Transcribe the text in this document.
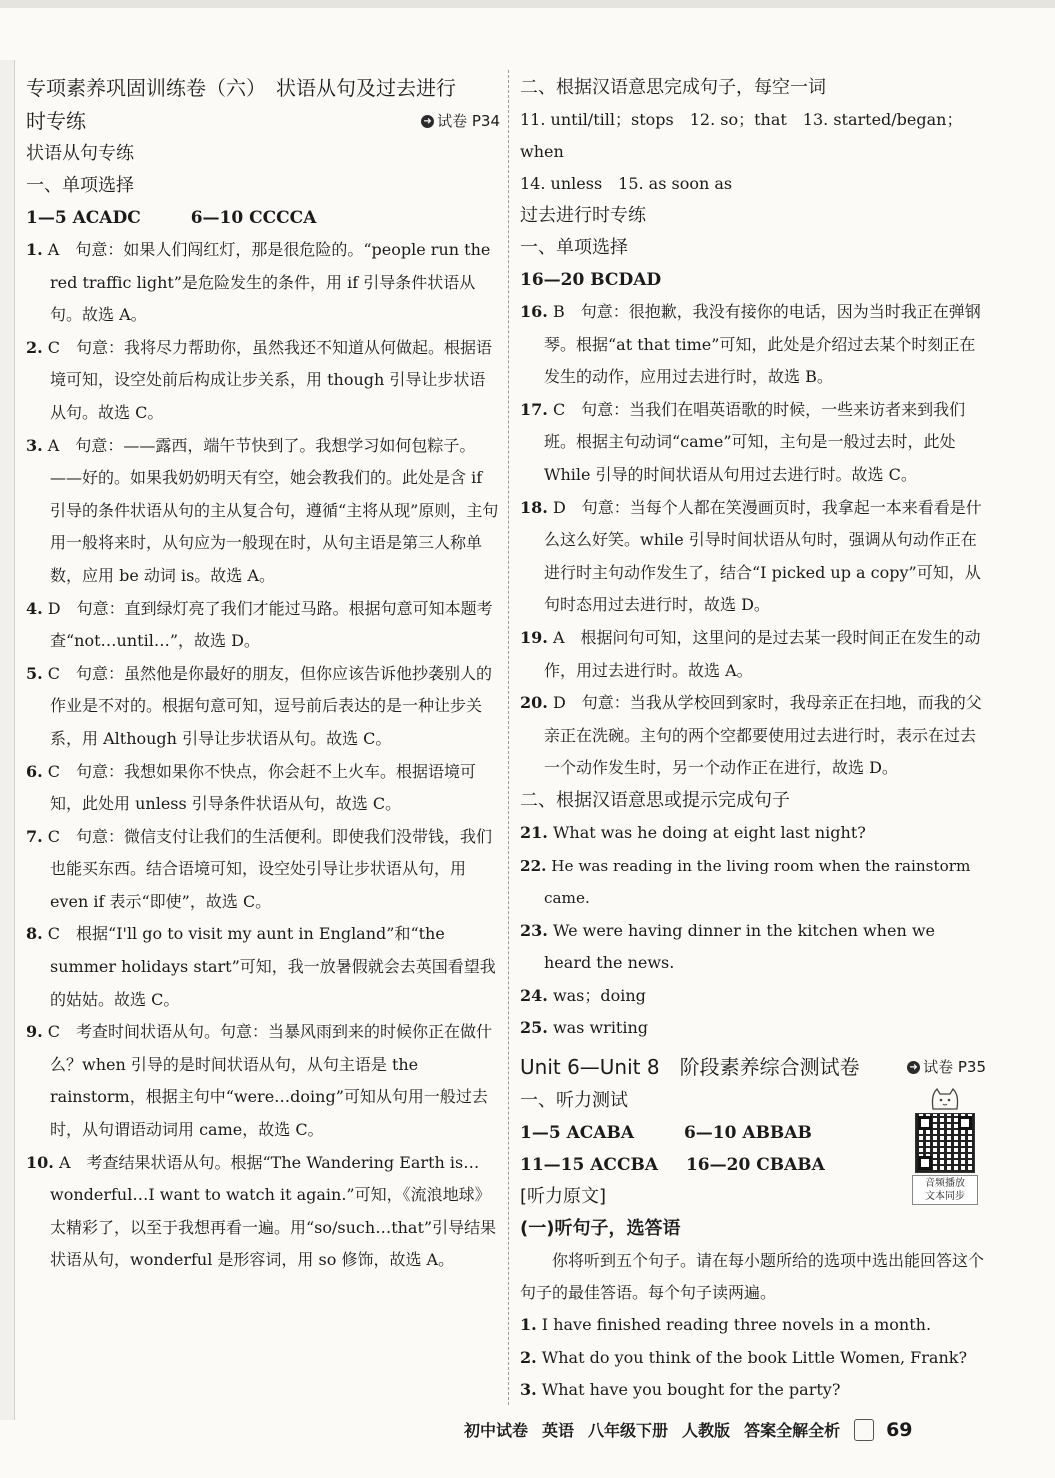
专项素养巩固训练卷（六）　状语从句及过去进行
时专练	➜ 试卷 P34
状语从句专练
一、单项选择
1—5 ACADC	6—10 CCCCA
1. A　句意：如果人们闯红灯，那是很危险的。“people run the red traffic light”是危险发生的条件，用 if 引导条件状语从句。故选 A。
2. C　句意：我将尽力帮助你，虽然我还不知道从何做起。根据语境可知，设空处前后构成让步关系，用 though 引导让步状语从句。故选 C。
3. A　句意：——露西，端午节快到了。我想学习如何包粽子。——好的。如果我奶奶明天有空，她会教我们的。此处是含 if 引导的条件状语从句的主从复合句，遵循“主将从现”原则，主句用一般将来时，从句应为一般现在时，从句主语是第三人称单数，应用 be 动词 is。故选 A。
4. D　句意：直到绿灯亮了我们才能过马路。根据句意可知本题考查“not…until…”，故选 D。
5. C　句意：虽然他是你最好的朋友，但你应该告诉他抄袭别人的作业是不对的。根据句意可知，逗号前后表达的是一种让步关系，用 Although 引导让步状语从句。故选 C。
6. C　句意：我想如果你不快点，你会赶不上火车。根据语境可知，此处用 unless 引导条件状语从句，故选 C。
7. C　句意：微信支付让我们的生活便利。即使我们没带钱，我们也能买东西。结合语境可知，设空处引导让步状语从句，用 even if 表示“即使”，故选 C。
8. C　根据“I'll go to visit my aunt in England”和“the summer holidays start”可知，我一放暑假就会去英国看望我的姑姑。故选 C。
9. C　考查时间状语从句。句意：当暴风雨到来的时候你正在做什么？when 引导的是时间状语从句，从句主语是 the rainstorm，根据主句中“were…doing”可知从句用一般过去时，从句谓语动词用 came，故选 C。
10. A　考查结果状语从句。根据“The Wandering Earth is…wonderful…I want to watch it again.”可知，《流浪地球》太精彩了，以至于我想再看一遍。用“so/such…that”引导结果状语从句，wonderful 是形容词，用 so 修饰，故选 A。
二、根据汉语意思完成句子，每空一词
11. until/till；stops　12. so；that　13. started/began；when
14. unless　15. as soon as
过去进行时专练
一、单项选择
16—20 BCDAD
16. B　句意：很抱歉，我没有接你的电话，因为当时我正在弹钢琴。根据“at that time”可知，此处是介绍过去某个时刻正在发生的动作，应用过去进行时，故选 B。
17. C　句意：当我们在唱英语歌的时候，一些来访者来到我们班。根据主句动词“came”可知，主句是一般过去时，此处 While 引导的时间状语从句用过去进行时。故选 C。
18. D　句意：当每个人都在笑漫画页时，我拿起一本来看看是什么这么好笑。while 引导时间状语从句时，强调从句动作正在进行时主句动作发生了，结合“I picked up a copy”可知，从句时态用过去进行时，故选 D。
19. A　根据问句可知，这里问的是过去某一段时间正在发生的动作，用过去进行时。故选 A。
20. D　句意：当我从学校回到家时，我母亲正在扫地，而我的父亲正在洗碗。主句的两个空都要使用过去进行时，表示在过去一个动作发生时，另一个动作正在进行，故选 D。
二、根据汉语意思或提示完成句子
21. What was he doing at eight last night?
22. He was reading in the living room when the rainstorm came.
23. We were having dinner in the kitchen when we heard the news.
24. was；doing
25. was writing
Unit 6—Unit 8　阶段素养综合测试卷	➜ 试卷 P35
音频播放
文本同步
一、听力测试
1—5 ACABA	6—10 ABBAB
11—15 ACCBA 16—20 CBABA
[听力原文]
(一)听句子，选答语
你将听到五个句子。请在每小题所给的选项中选出能回答这个句子的最佳答语。每个句子读两遍。
1. I have finished reading three novels in a month.
2. What do you think of the book Little Women, Frank?
3. What have you bought for the party?
初中试卷 英语 八年级下册 人教版 答案全解全析 69
